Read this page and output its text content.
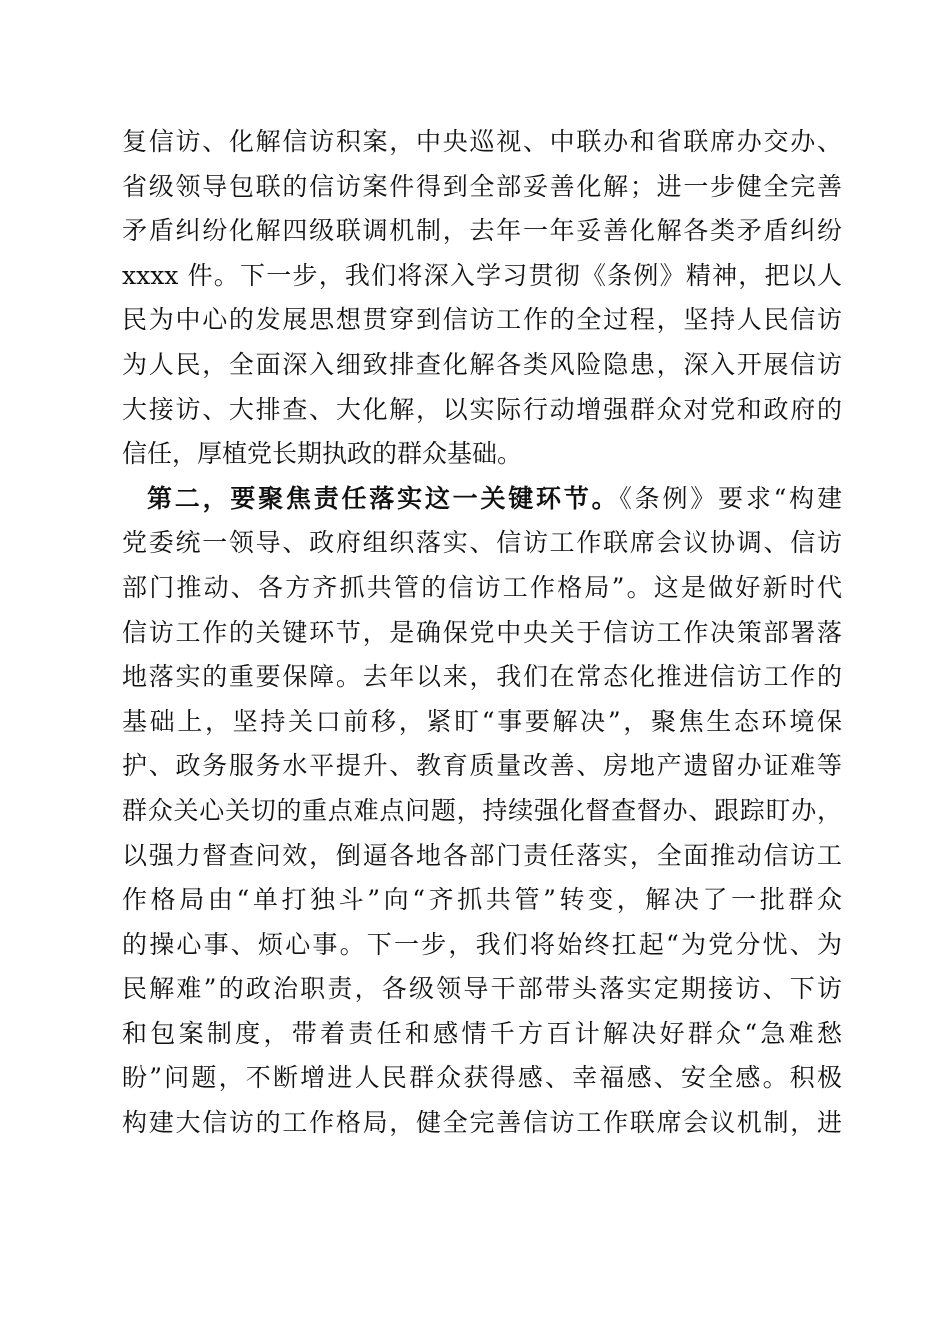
复信访、化解信访积案，中央巡视、中联办和省联席办交办、
省级领导包联的信访案件得到全部妥善化解；进一步健全完善
矛盾纠纷化解四级联调机制，去年一年妥善化解各类矛盾纠纷
xxxx 件。下一步，我们将深入学习贯彻《条例》精神，把以人
民为中心的发展思想贯穿到信访工作的全过程，坚持人民信访
为人民，全面深入细致排查化解各类风险隐患，深入开展信访
大接访、大排查、大化解，以实际行动增强群众对党和政府的
信任，厚植党长期执政的群众基础。
第二，要聚焦责任落实这一关键环节。《条例》要求“构建
党委统一领导、政府组织落实、信访工作联席会议协调、信访
部门推动、各方齐抓共管的信访工作格局”。这是做好新时代
信访工作的关键环节，是确保党中央关于信访工作决策部署落
地落实的重要保障。去年以来，我们在常态化推进信访工作的
基础上，坚持关口前移，紧盯“事要解决”，聚焦生态环境保
护、政务服务水平提升、教育质量改善、房地产遗留办证难等
群众关心关切的重点难点问题，持续强化督查督办、跟踪盯办，
以强力督查问效，倒逼各地各部门责任落实，全面推动信访工
作格局由“单打独斗”向“齐抓共管”转变，解决了一批群众
的操心事、烦心事。下一步，我们将始终扛起“为党分忧、为
民解难”的政治职责，各级领导干部带头落实定期接访、下访
和包案制度，带着责任和感情千方百计解决好群众“急难愁
盼”问题，不断增进人民群众获得感、幸福感、安全感。积极
构建大信访的工作格局，健全完善信访工作联席会议机制，进
